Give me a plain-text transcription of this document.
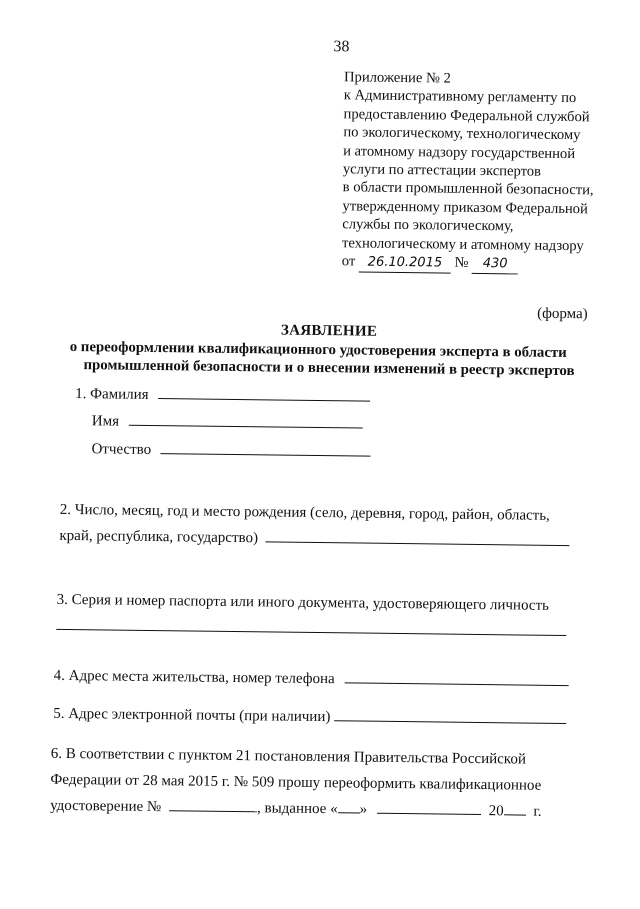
38
Приложение № 2
к Административному регламенту по
предоставлению Федеральной службой
по экологическому, технологическому
и атомному надзору государственной
услуги по аттестации экспертов
в области промышленной безопасности,
утвержденному приказом Федеральной
службы по экологическому,
технологическому и атомному надзору
от 26.10.2015 № 430
(форма)
ЗАЯВЛЕНИЕ
о переоформлении квалификационного удостоверения эксперта в области
промышленной безопасности и о внесении изменений в реестр экспертов
1. Фамилия
Имя
Отчество
2. Число, месяц, год и место рождения (село, деревня, город, район, область,
край, республика, государство)
3. Серия и номер паспорта или иного документа, удостоверяющего личность
4. Адрес места жительства, номер телефона
5. Адрес электронной почты (при наличии)
6. В соответствии с пунктом 21 постановления Правительства Российской
Федерации от 28 мая 2015 г. № 509 прошу переоформить квалификационное
удостоверение №	, выданное « »	20 г.
